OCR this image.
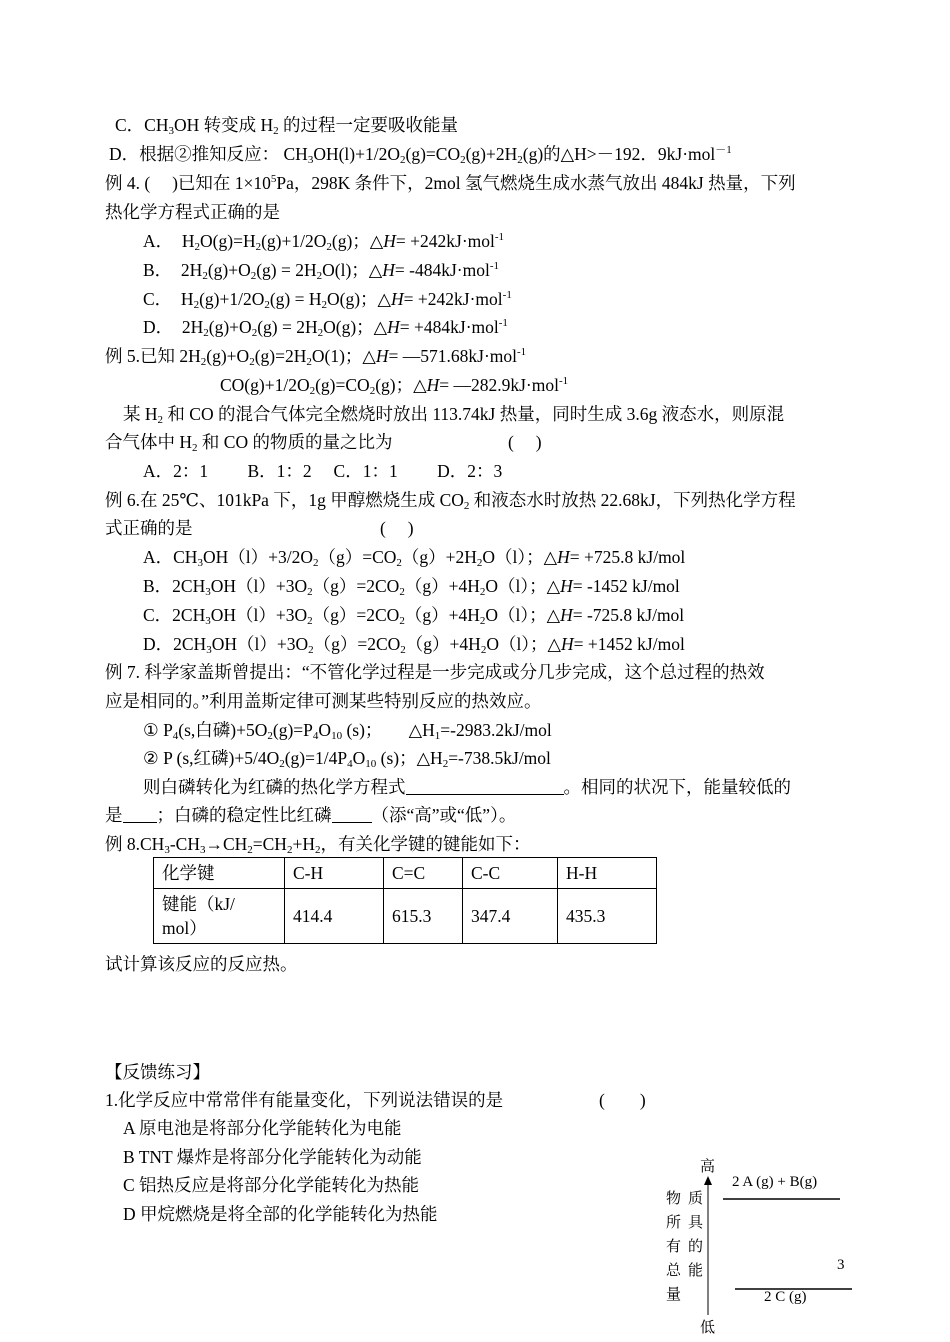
C．$CH_3OH$ 转变成 $H_2$ 的过程一定要吸收能量
D．根据②推知反应： $CH_3OH(l)+1/2O_2(g)=CO_2(g)+2H_2(g)$的△H>－192．9kJ·mol$^{-1}$
例 4. (　 )已知在 $1\times 10^5Pa$，298K 条件下，2mol 氢气燃烧生成水蒸气放出 484kJ 热量，下列
热化学方程式正确的是
A．　$H_2O(g)=H_2(g)+1/2O_2(g)$；△H= +242kJ·mol$^{-1}$
B．　$2H_2(g)+O_2(g) = 2H_2O(l)$；△H= -484kJ·mol$^{-1}$
C．　$H_2(g)+1/2O_2(g) = H_2O(g)$；△H= +242kJ·mol$^{-1}$
D．　$2H_2(g)+O_2(g) = 2H_2O(g)$；△H= +484kJ·mol$^{-1}$
例 5.已知 $2H_2(g)+O_2(g)=2H_2O(1)$；△H= —571.68kJ·mol$^{-1}$
$CO(g)+1/2O_2(g)=CO_2(g)$；△H= —282.9kJ·mol$^{-1}$
某 $H_2$ 和 CO 的混合气体完全燃烧时放出 113.74kJ 热量，同时生成 3.6g 液态水，则原混
合气体中 $H_2$ 和 CO 的物质的量之比为	(　 )
A．2：1　　 B．1：2　 C．1：1　　 D．2：3
例 6.在 25℃、101kPa 下，1g 甲醇燃烧生成 $CO_2$ 和液态水时放热 22.68kJ，下列热化学方程
式正确的是	(　 )
A．$CH_3OH(l)+3/2O_2(g)=CO_2(g)+2H_2O(l)$；△H= +725.8 kJ/mol
B．$2CH_3OH(l)+3O_2(g)=2CO_2(g)+4H_2O(l)$；△H= -1452 kJ/mol
C．$2CH_3OH(l)+3O_2(g)=2CO_2(g)+4H_2O(l)$；△H= -725.8 kJ/mol
D．$2CH_3OH(l)+3O_2(g)=2CO_2(g)+4H_2O(l)$；△H= +1452 kJ/mol
例 7. 科学家盖斯曾提出：“不管化学过程是一步完成或分几步完成，这个总过程的热效
应是相同的。”利用盖斯定律可测某些特别反应的热效应。
① $P_4(s$,白磷)$+5O_2(g)=P_4O_{10}$ (s)；　　$\triangle H_1=-2983.2kJ$/mol
② P (s,红磷)$+5/4O_2(g)=1/4P_4O_{10}$ (s)；$\triangle H_2=-738.5kJ$/mol
则白磷转化为红磷的热化学方程式	。相同的状况下，能量较低的
是 ；白磷的稳定性比红磷 （添“高”或“低”）。
例 $8.CH_3-CH_3\to CH_2=CH_2+H_2$，有关化学键的键能如下：
化学键	C-H	C=C	C-C	H-H
键能（kJ/
mol）	414.4	615.3	347.4	435.3
试计算该反应的反应热。
【反馈练习】
1.化学反应中常常伴有能量变化，下列说法错误的是	(　　)
A 原电池是将部分化学能转化为电能
B TNT 爆炸是将部分化学能转化为动能
C 铝热反应是将部分化学能转化为热能
D 甲烷燃烧是将全部的化学能转化为热能
高
低
物
所
有
总
量
质
具
的
能
2 A (g) + B(g)
3
2 C (g)
